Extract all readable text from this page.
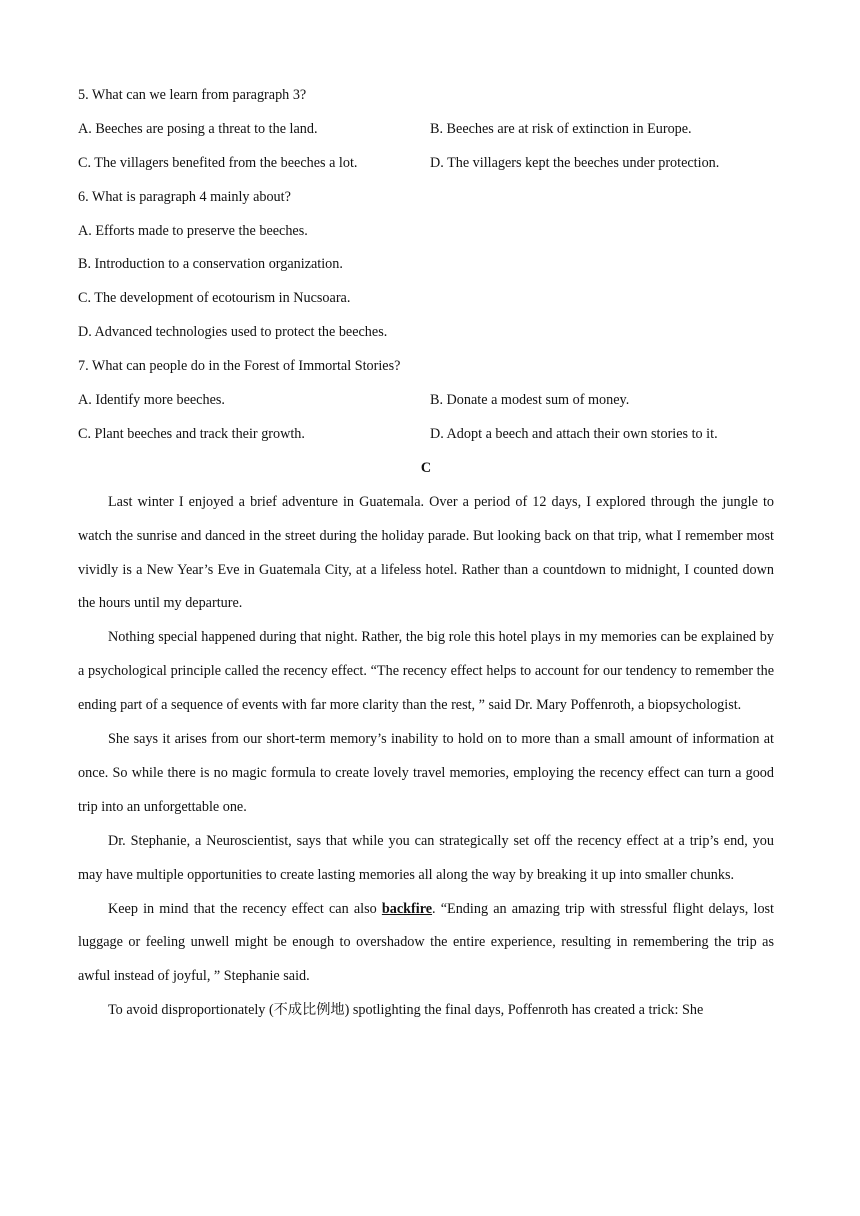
5. What can we learn from paragraph 3?
A. Beeches are posing a threat to the land.	B. Beeches are at risk of extinction in Europe.
C. The villagers benefited from the beeches a lot.	D. The villagers kept the beeches under protection.
6. What is paragraph 4 mainly about?
A. Efforts made to preserve the beeches.
B. Introduction to a conservation organization.
C. The development of ecotourism in Nucsoara.
D. Advanced technologies used to protect the beeches.
7. What can people do in the Forest of Immortal Stories?
A. Identify more beeches.	B. Donate a modest sum of money.
C. Plant beeches and track their growth.	D. Adopt a beech and attach their own stories to it.
C

Last winter I enjoyed a brief adventure in Guatemala. Over a period of 12 days, I explored through the jungle to watch the sunrise and danced in the street during the holiday parade. But looking back on that trip, what I remember most vividly is a New Year’s Eve in Guatemala City, at a lifeless hotel. Rather than a countdown to midnight, I counted down the hours until my departure.

Nothing special happened during that night. Rather, the big role this hotel plays in my memories can be explained by a psychological principle called the recency effect. “The recency effect helps to account for our tendency to remember the ending part of a sequence of events with far more clarity than the rest, ” said Dr. Mary Poffenroth, a biopsychologist.

She says it arises from our short-term memory’s inability to hold on to more than a small amount of information at once. So while there is no magic formula to create lovely travel memories, employing the recency effect can turn a good trip into an unforgettable one.

Dr. Stephanie, a Neuroscientist, says that while you can strategically set off the recency effect at a trip’s end, you may have multiple opportunities to create lasting memories all along the way by breaking it up into smaller chunks.

Keep in mind that the recency effect can also backfire. “Ending an amazing trip with stressful flight delays, lost luggage or feeling unwell might be enough to overshadow the entire experience, resulting in remembering the trip as awful instead of joyful, ” Stephanie said.

To avoid disproportionately (不成比例地) spotlighting the final days, Poffenroth has created a trick: She
